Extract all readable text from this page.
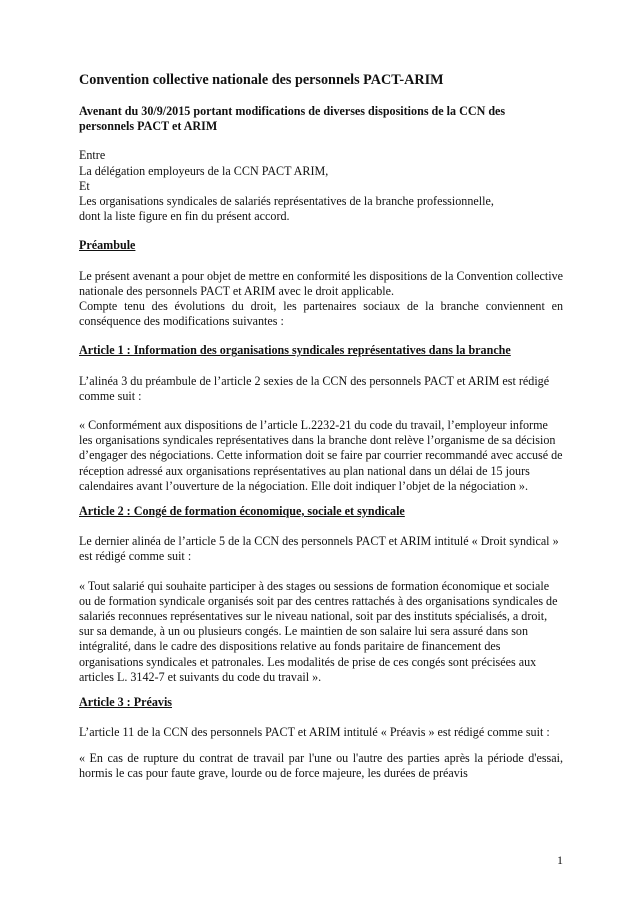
Convention collective nationale des personnels PACT-ARIM
Avenant du 30/9/2015 portant modifications de diverses dispositions de la CCN des personnels PACT et ARIM
Entre
La délégation employeurs de la CCN PACT ARIM,
Et
Les organisations syndicales de salariés représentatives de la branche professionnelle,
dont la liste figure en fin du présent accord.
Préambule
Le présent avenant a pour objet de mettre en conformité les dispositions de la Convention collective nationale des personnels PACT et ARIM avec le droit applicable.
Compte tenu des évolutions du droit, les partenaires sociaux de la branche conviennent en conséquence des modifications suivantes :
Article 1 : Information des organisations syndicales représentatives dans la branche
L’alinéa 3 du préambule de l’article 2 sexies de la CCN des personnels PACT et ARIM est rédigé comme suit :
« Conformément aux dispositions de l’article L.2232-21 du code du travail, l’employeur informe les organisations syndicales représentatives dans la branche dont relève l’organisme de sa décision d’engager des négociations. Cette information doit se faire par courrier recommandé avec accusé de réception adressé aux organisations représentatives au plan national dans un délai de 15 jours calendaires avant l’ouverture de la négociation. Elle doit indiquer l’objet de la négociation ».
Article 2 : Congé de formation économique, sociale et syndicale
Le dernier alinéa de l’article 5 de la CCN des personnels PACT et ARIM intitulé « Droit syndical » est rédigé comme suit :
« Tout salarié qui souhaite participer à des stages ou sessions de formation économique et sociale ou de formation syndicale organisés soit par des centres rattachés à des organisations syndicales de salariés reconnues représentatives sur le niveau national, soit par des instituts spécialisés, a droit, sur sa demande, à un ou plusieurs congés. Le maintien de son salaire lui sera assuré dans son intégralité, dans le cadre des dispositions relative au fonds paritaire de financement des organisations syndicales et patronales. Les modalités de prise de ces congés sont précisées aux articles L. 3142-7 et suivants du code du travail ».
Article 3 : Préavis
L’article 11 de la CCN des personnels PACT et ARIM intitulé « Préavis » est rédigé comme suit :
« En cas de rupture du contrat de travail par l'une ou l'autre des parties après la période d'essai, hormis le cas pour faute grave, lourde ou de force majeure, les durées de préavis
1
